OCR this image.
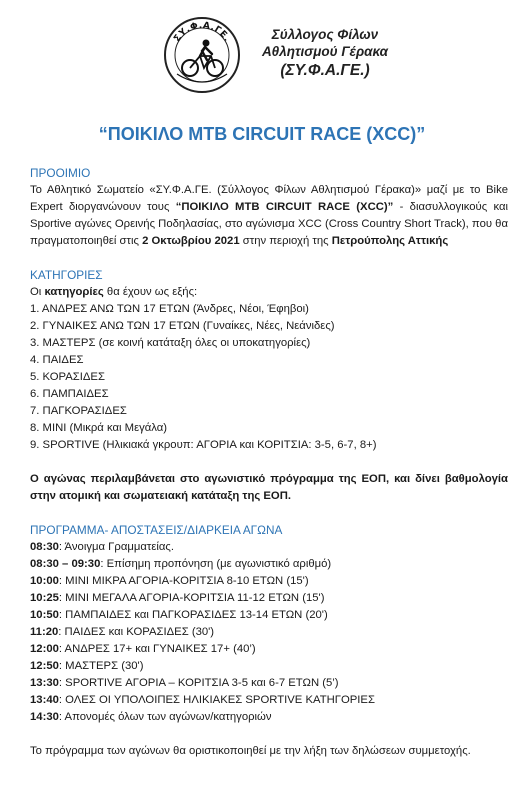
ΣΥ.Φ.Α.ΓΕ.	Σύλλογος Φίλων
Αθλητισμού Γέρακα
(ΣΥ.Φ.Α.ΓΕ.)
“ΠΟΙΚΙΛΟ MTB CIRCUIT RACE (XCC)”
ΠΡΟΟΙΜΙΟ

Το Αθλητικό Σωματείο «ΣΥ.Φ.Α.ΓΕ. (Σύλλογος Φίλων Αθλητισμού Γέρακα)» μαζί με το Bike Expert διοργανώνουν τους “ΠΟΙΚΙΛΟ MTB CIRCUIT RACE (XCC)” - διασυλλογικούς και Sportive αγώνες Ορεινής Ποδηλασίας, στο αγώνισμα XCC (Cross Country Short Track), που θα πραγματοποιηθεί στις 2 Οκτωβρίου 2021 στην περιοχή της Πετρούπολης Αττικής

ΚΑΤΗΓΟΡΙΕΣ
Οι κατηγορίες θα έχουν ως εξής:
1. ΑΝΔΡΕΣ ΑΝΩ ΤΩΝ 17 ΕΤΩΝ (Άνδρες, Νέοι, Έφηβοι)
2. ΓΥΝΑΙΚΕΣ ΑΝΩ ΤΩΝ 17 ΕΤΩΝ (Γυναίκες, Νέες, Νεάνιδες)
3. ΜΑΣΤΕΡΣ (σε κοινή κατάταξη όλες οι υποκατηγορίες)
4. ΠΑΙΔΕΣ
5. ΚΟΡΑΣΙΔΕΣ
6. ΠΑΜΠΑΙΔΕΣ
7. ΠΑΓΚΟΡΑΣΙΔΕΣ
8. MINI (Μικρά και Μεγάλα)
9. SPORTIVE (Ηλικιακά γκρουπ: ΑΓΟΡΙΑ και ΚΟΡΙΤΣΙΑ: 3-5, 6-7, 8+)

Ο αγώνας περιλαμβάνεται στο αγωνιστικό πρόγραμμα της ΕΟΠ, και δίνει βαθμολογία στην ατομική και σωματειακή κατάταξη της ΕΟΠ.

ΠΡΟΓΡΑΜΜΑ- ΑΠΟΣΤΑΣΕΙΣ/ΔΙΑΡΚΕΙΑ ΑΓΩΝΑ
08:30: Άνοιγμα Γραμματείας.
08:30 – 09:30: Επίσημη προπόνηση (με αγωνιστικό αριθμό)
10:00: MINI ΜΙΚΡΑ ΑΓΟΡΙΑ-ΚΟΡΙΤΣΙΑ 8-10 ΕΤΩΝ (15')
10:25: MINI ΜΕΓΑΛΑ ΑΓΟΡΙΑ-ΚΟΡΙΤΣΙΑ 11-12 ΕΤΩΝ (15')
10:50: ΠΑΜΠΑΙΔΕΣ και ΠΑΓΚΟΡΑΣΙΔΕΣ 13-14 ΕΤΩΝ (20')
11:20: ΠΑΙΔΕΣ και ΚΟΡΑΣΙΔΕΣ (30')
12:00: ΑΝΔΡΕΣ 17+ και ΓΥΝΑΙΚΕΣ 17+ (40’)
12:50: ΜΑΣΤΕΡΣ (30')
13:30: SPORTIVE ΑΓΟΡΙΑ – ΚΟΡΙΤΣΙΑ 3-5 και 6-7 ΕΤΩΝ (5’)
13:40: ΟΛΕΣ ΟΙ ΥΠΟΛΟΙΠΕΣ ΗΛΙΚΙΑΚΕΣ SPORTIVE ΚΑΤΗΓΟΡΙΕΣ
14:30: Απονομές όλων των αγώνων/κατηγοριών

Το πρόγραμμα των αγώνων θα οριστικοποιηθεί με την λήξη των δηλώσεων συμμετοχής.
